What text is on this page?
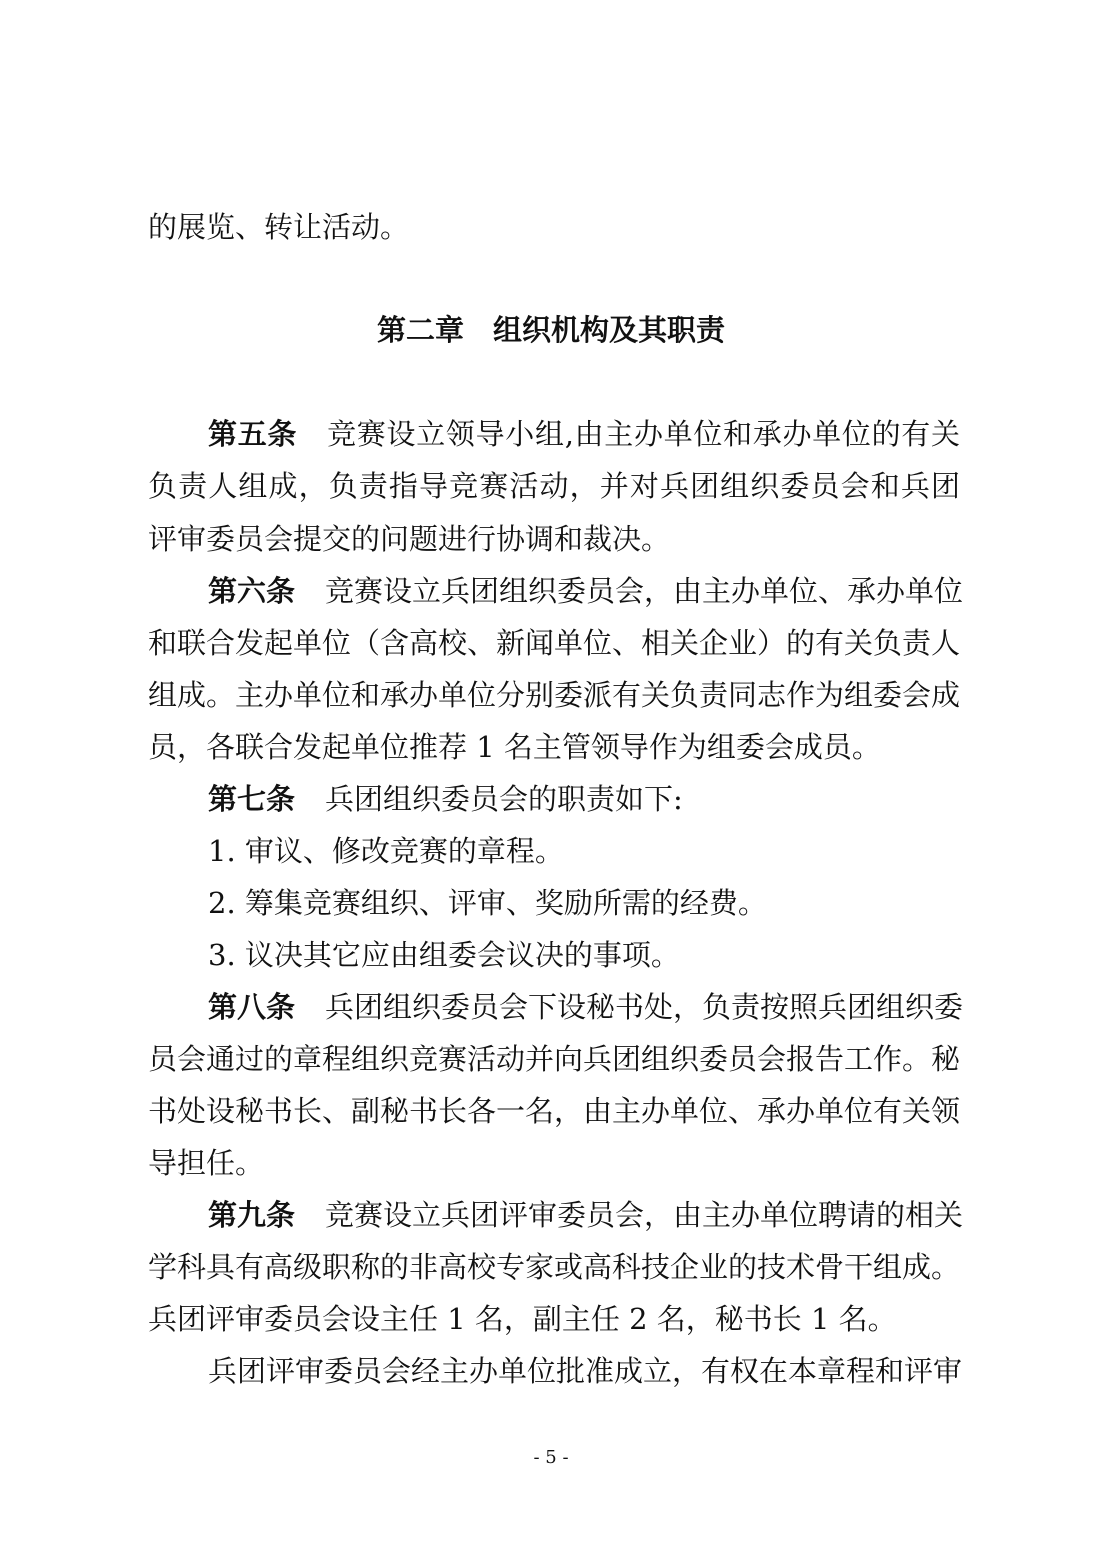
的展览、转让活动。
第二章　组织机构及其职责
第五条 竞赛设立领导小组,由主办单位和承办单位的有关
负责人组成，负责指导竞赛活动，并对兵团组织委员会和兵团
评审委员会提交的问题进行协调和裁决。
第六条 竞赛设立兵团组织委员会，由主办单位、承办单位
和联合发起单位（含高校、新闻单位、相关企业）的有关负责人
组成。主办单位和承办单位分别委派有关负责同志作为组委会成
员，各联合发起单位推荐 1 名主管领导作为组委会成员。
第七条 兵团组织委员会的职责如下:
1. 审议、修改竞赛的章程。
2. 筹集竞赛组织、评审、奖励所需的经费。
3. 议决其它应由组委会议决的事项。
第八条 兵团组织委员会下设秘书处，负责按照兵团组织委
员会通过的章程组织竞赛活动并向兵团组织委员会报告工作。秘
书处设秘书长、副秘书长各一名，由主办单位、承办单位有关领
导担任。
第九条 竞赛设立兵团评审委员会，由主办单位聘请的相关
学科具有高级职称的非高校专家或高科技企业的技术骨干组成。
兵团评审委员会设主任 1 名，副主任 2 名，秘书长 1 名。
兵团评审委员会经主办单位批准成立，有权在本章程和评审
- 5 -
